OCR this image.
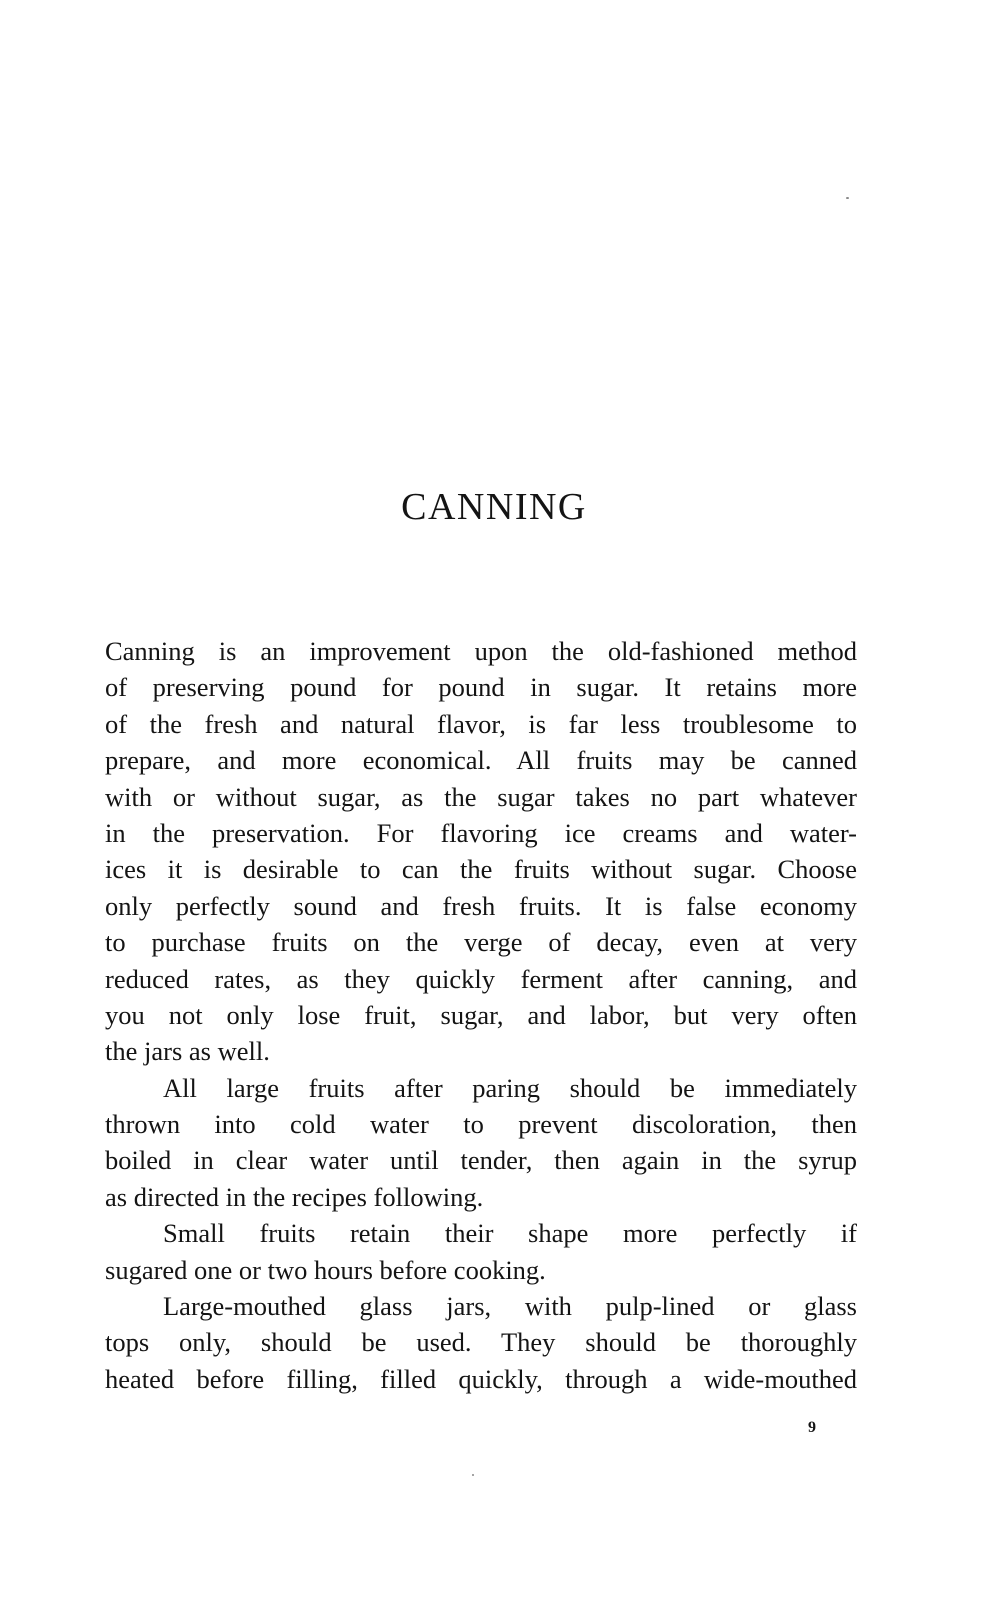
CANNING
Canning is an improvement upon the old-fashioned method
of preserving pound for pound in sugar. It retains more
of the fresh and natural flavor, is far less troublesome to
prepare, and more economical. All fruits may be canned
with or without sugar, as the sugar takes no part whatever
in the preservation. For flavoring ice creams and water-
ices it is desirable to can the fruits without sugar. Choose
only perfectly sound and fresh fruits. It is false economy
to purchase fruits on the verge of decay, even at very
reduced rates, as they quickly ferment after canning, and
you not only lose fruit, sugar, and labor, but very often
the jars as well.
All large fruits after paring should be immediately
thrown into cold water to prevent discoloration, then
boiled in clear water until tender, then again in the syrup
as directed in the recipes following.
Small fruits retain their shape more perfectly if
sugared one or two hours before cooking.
Large-mouthed glass jars, with pulp-lined or glass
tops only, should be used. They should be thoroughly
heated before filling, filled quickly, through a wide-mouthed
9
